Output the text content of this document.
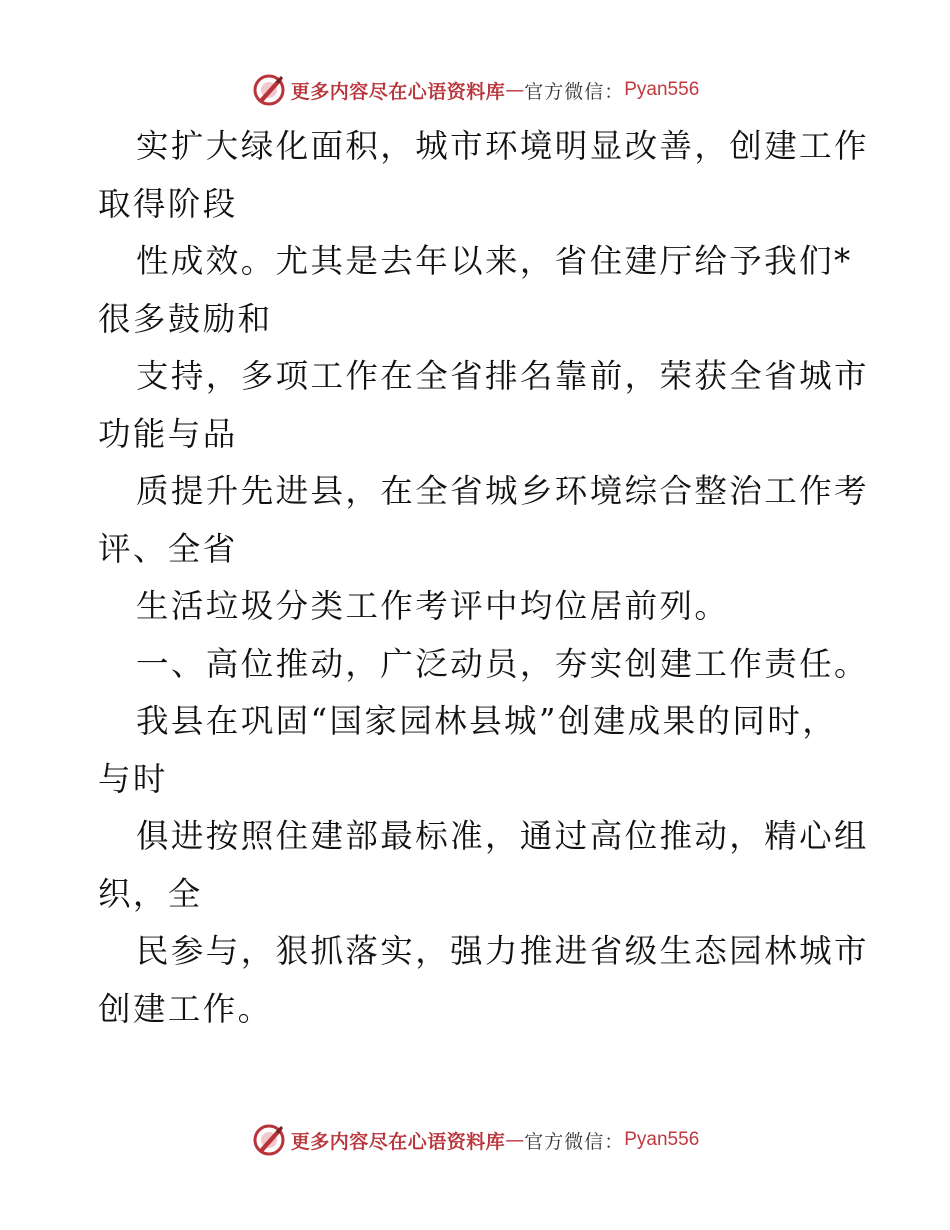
更多内容尽在心语资料库 — 官方微信： Pyan556
实扩大绿化面积，城市环境明显改善，创建工作
取得阶段
性成效。尤其是去年以来，省住建厅给予我们*
很多鼓励和
支持，多项工作在全省排名靠前，荣获全省城市
功能与品
质提升先进县，在全省城乡环境综合整治工作考
评、全省
生活垃圾分类工作考评中均位居前列。
一、高位推动，广泛动员，夯实创建工作责任。
我县在巩固“国家园林县城”创建成果的同时，
与时
俱进按照住建部最标准，通过高位推动，精心组
织，全
民参与，狠抓落实，强力推进省级生态园林城市
创建工作。
更多内容尽在心语资料库 — 官方微信： Pyan556
